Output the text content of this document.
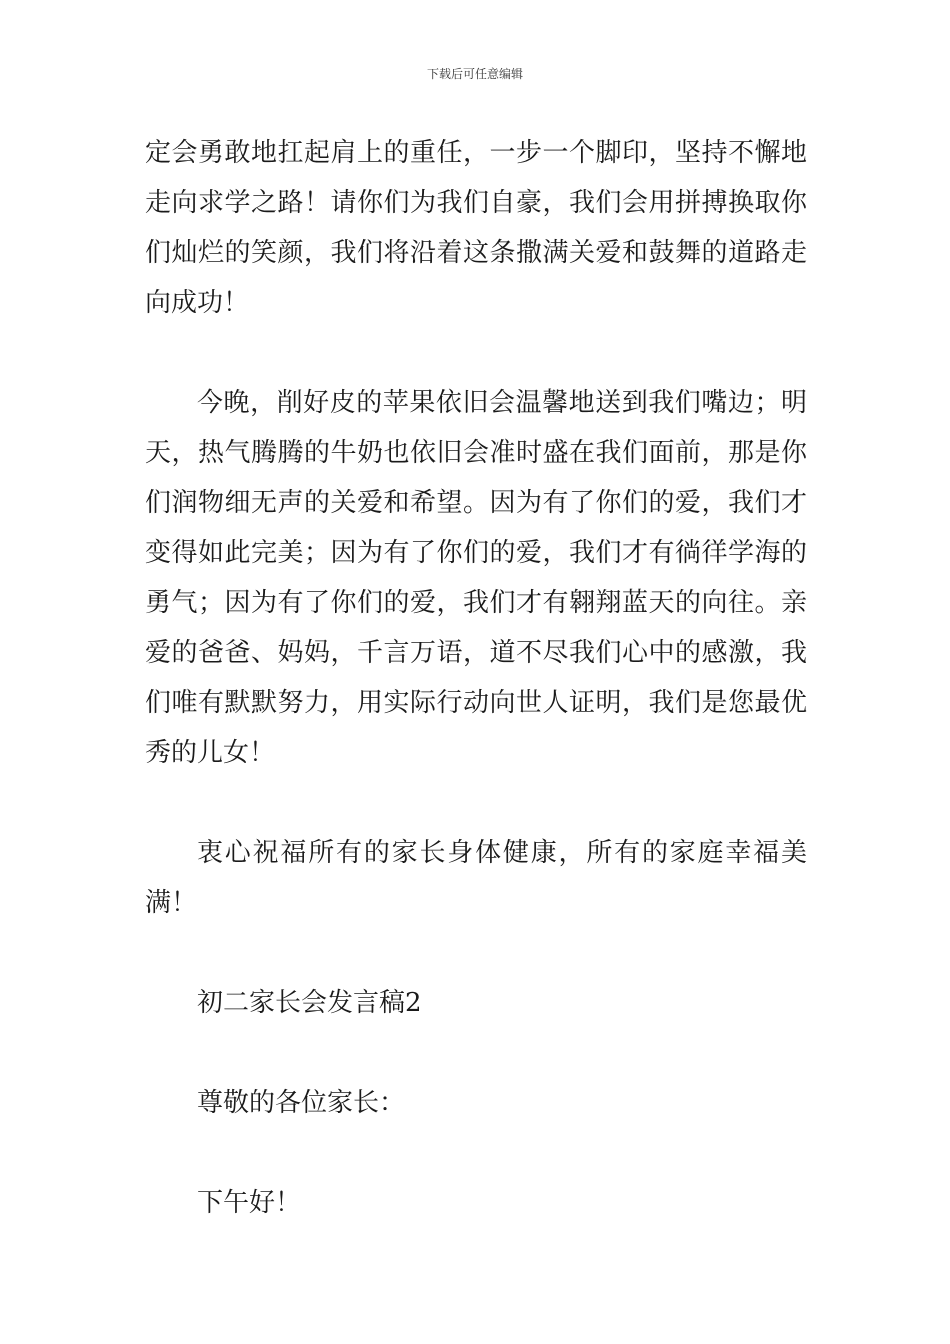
下载后可任意编辑

定会勇敢地扛起肩上的重任，一步一个脚印，坚持不懈地走向求学之路！请你们为我们自豪，我们会用拼搏换取你们灿烂的笑颜，我们将沿着这条撒满关爱和鼓舞的道路走向成功！

今晚，削好皮的苹果依旧会温馨地送到我们嘴边；明天，热气腾腾的牛奶也依旧会准时盛在我们面前，那是你们润物细无声的关爱和希望。因为有了你们的爱，我们才变得如此完美；因为有了你们的爱，我们才有徜徉学海的勇气；因为有了你们的爱，我们才有翱翔蓝天的向往。亲爱的爸爸、妈妈，千言万语，道不尽我们心中的感激，我们唯有默默努力，用实际行动向世人证明，我们是您最优秀的儿女！

衷心祝福所有的家长身体健康，所有的家庭幸福美满！

初二家长会发言稿2

尊敬的各位家长：

下午好！
